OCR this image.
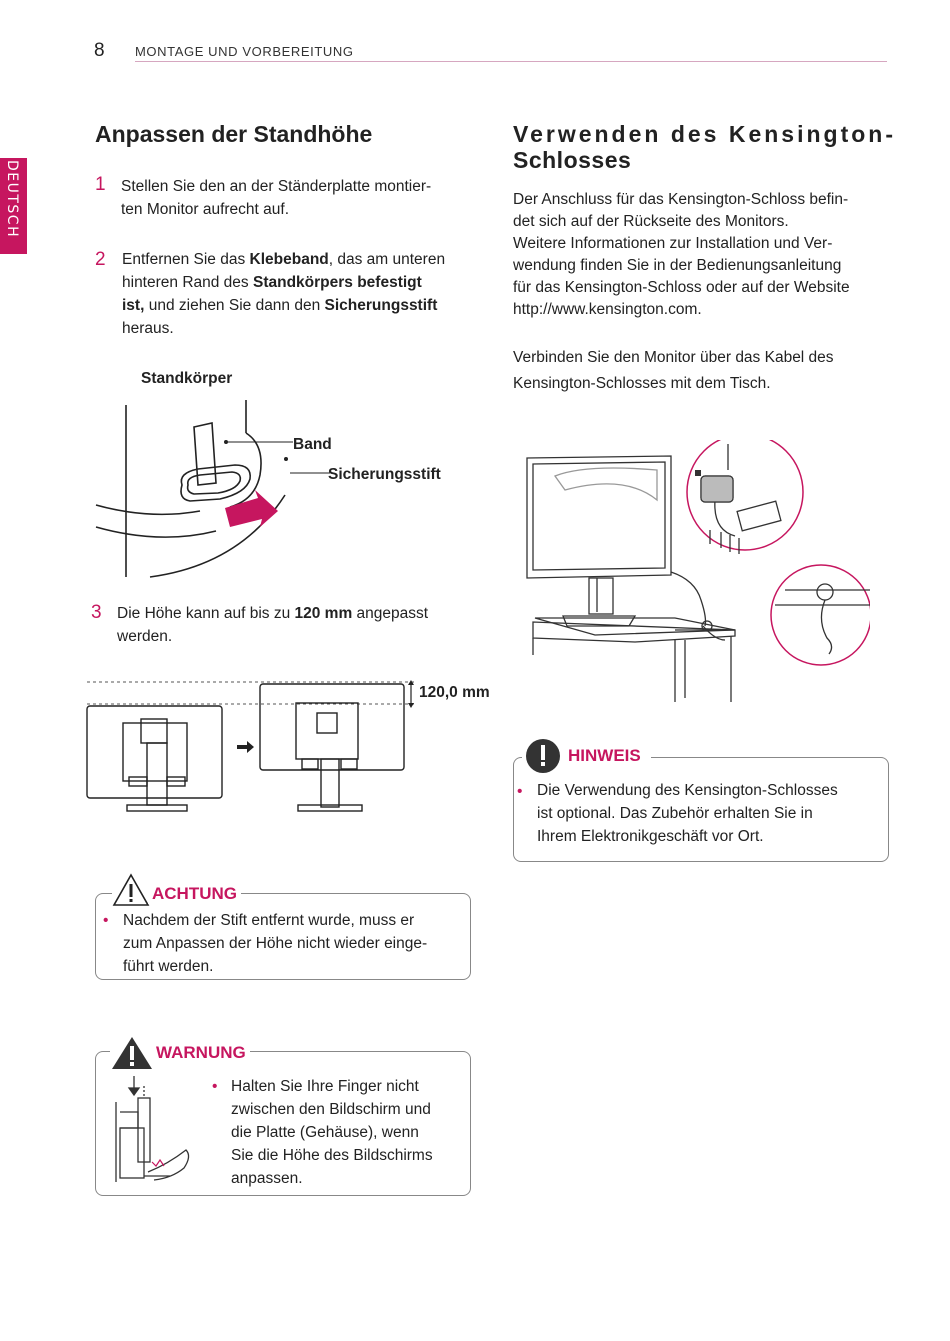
8 MONTAGE UND VORBEREITUNG
DEUTSCH
Anpassen der Standhöhe
1 Stellen Sie den an der Ständerplatte montier-
ten Monitor aufrecht auf.
2 Entfernen Sie das Klebeband, das am unteren
hinteren Rand des Standkörpers befestigt
ist, und ziehen Sie dann den Sicherungsstift
heraus.
Standkörper
Band
Sicherungsstift
3 Die Höhe kann auf bis zu 120 mm angepasst
werden.
120,0 mm
ACHTUNG
• Nachdem der Stift entfernt wurde, muss er
zum Anpassen der Höhe nicht wieder einge-
führt werden.
WARNUNG
• Halten Sie Ihre Finger nicht
zwischen den Bildschirm und
die Platte (Gehäuse), wenn
Sie die Höhe des Bildschirms
anpassen.
Verwenden des Kensington-
Schlosses
Der Anschluss für das Kensington-Schloss befin-
det sich auf der Rückseite des Monitors.
Weitere Informationen zur Installation und Ver-
wendung finden Sie in der Bedienungsanleitung
für das Kensington-Schloss oder auf der Website
http://www.kensington.com.
Verbinden Sie den Monitor über das Kabel des
Kensington-Schlosses mit dem Tisch.
HINWEIS
• Die Verwendung des Kensington-Schlosses
ist optional. Das Zubehör erhalten Sie in
Ihrem Elektronikgeschäft vor Ort.
